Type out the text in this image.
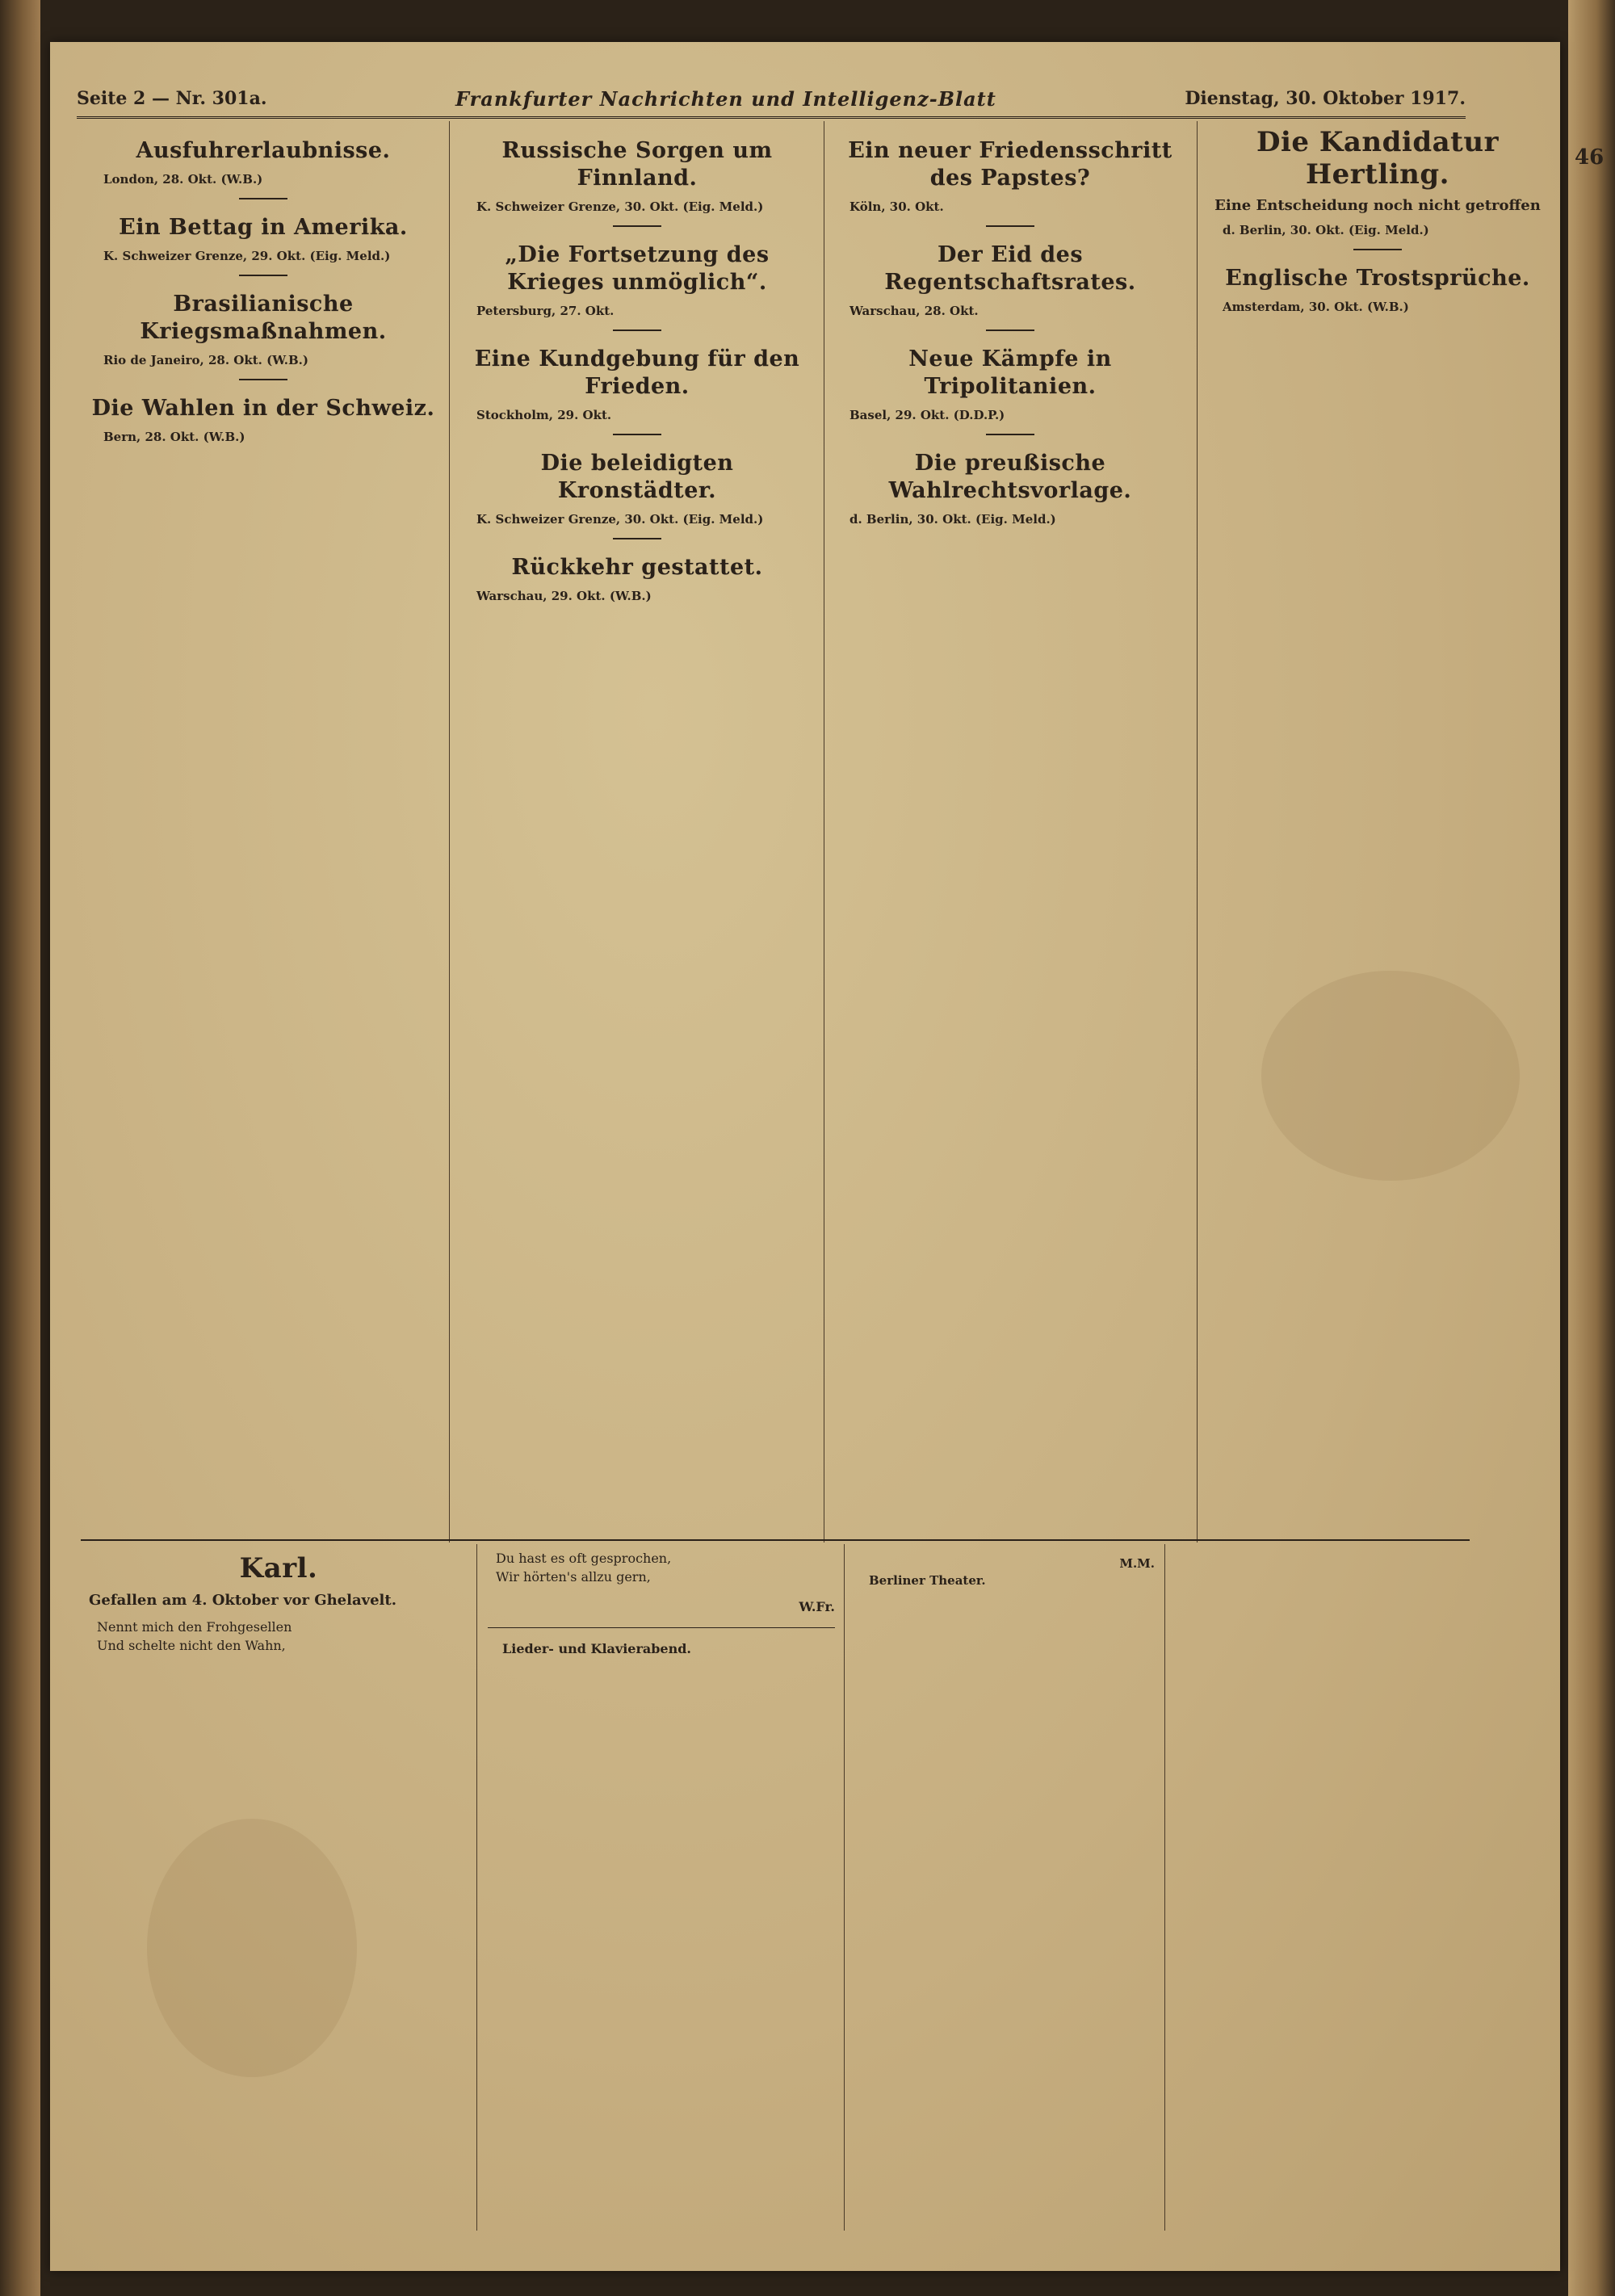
46
Seite 2 — Nr. 301a.	Frankfurter Nachrichten und Intelligenz-Blatt	Dienstag, 30. Oktober 1917.
Ausfuhrerlaubnisse.

London, 28. Okt. (W.B.)

Ein Bettag in Amerika.

K. Schweizer Grenze, 29. Okt. (Eig. Meld.)

Brasilianische Kriegsmaßnahmen.

Rio de Janeiro, 28. Okt. (W.B.)

Die Wahlen in der Schweiz.

Bern, 28. Okt. (W.B.)

Russische Sorgen um Finnland.

K. Schweizer Grenze, 30. Okt. (Eig. Meld.)

„Die Fortsetzung des Krieges unmöglich“.

Petersburg, 27. Okt.

Eine Kundgebung für den Frieden.

Stockholm, 29. Okt.

Die beleidigten Kronstädter.

K. Schweizer Grenze, 30. Okt. (Eig. Meld.)

Rückkehr gestattet.

Warschau, 29. Okt. (W.B.)

Ein neuer Friedensschritt des Papstes?

Köln, 30. Okt.

Der Eid des Regentschaftsrates.

Warschau, 28. Okt.

Neue Kämpfe in Tripolitanien.

Basel, 29. Okt. (D.D.P.)

Die preußische Wahlrechtsvorlage.

d. Berlin, 30. Okt. (Eig. Meld.)

Die Kandidatur Hertling.
Eine Entscheidung noch nicht getroffen

d. Berlin, 30. Okt. (Eig. Meld.)

Englische Trostsprüche.

Amsterdam, 30. Okt. (W.B.)

Karl.
Gefallen am 4. Oktober vor Ghelavelt.
Nennt mich den Frohgesellen
Und schelte nicht den Wahn,
Du hast es oft gesprochen,
Wir hörten's allzu gern,
W.Fr.

Lieder- und Klavierabend.

M.M.

Berliner Theater.
